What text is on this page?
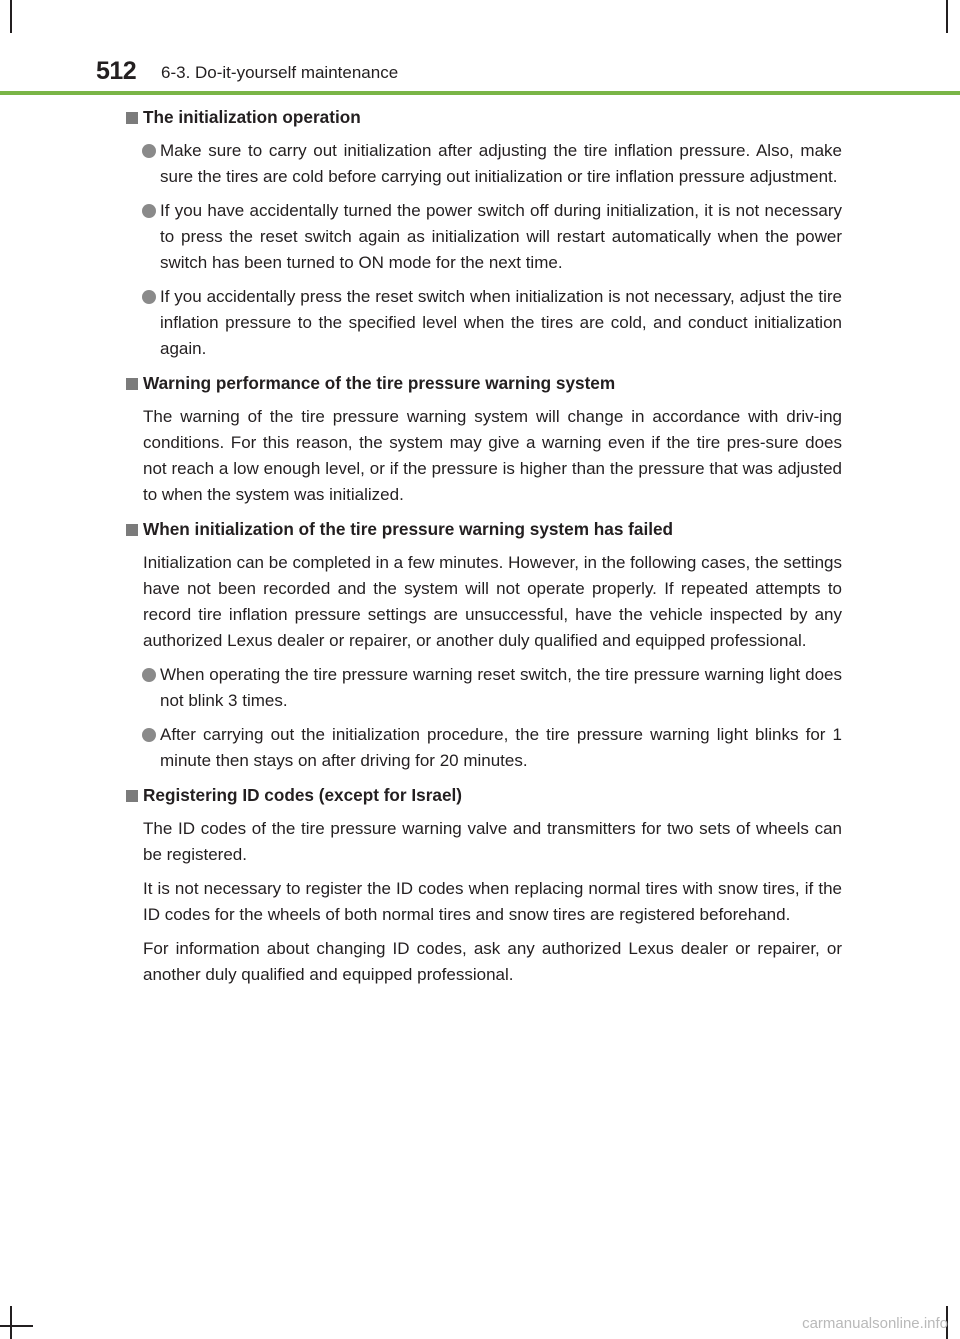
512 6-3. Do-it-yourself maintenance
The initialization operation
Make sure to carry out initialization after adjusting the tire inflation pressure. Also, make sure the tires are cold before carrying out initialization or tire inflation pressure adjustment.
If you have accidentally turned the power switch off during initialization, it is not necessary to press the reset switch again as initialization will restart automatically when the power switch has been turned to ON mode for the next time.
If you accidentally press the reset switch when initialization is not necessary, adjust the tire inflation pressure to the specified level when the tires are cold, and conduct initialization again.
Warning performance of the tire pressure warning system
The warning of the tire pressure warning system will change in accordance with driv-ing conditions. For this reason, the system may give a warning even if the tire pres-sure does not reach a low enough level, or if the pressure is higher than the pressure that was adjusted to when the system was initialized.
When initialization of the tire pressure warning system has failed
Initialization can be completed in a few minutes. However, in the following cases, the settings have not been recorded and the system will not operate properly. If repeated attempts to record tire inflation pressure settings are unsuccessful, have the vehicle inspected by any authorized Lexus dealer or repairer, or another duly qualified and equipped professional.
When operating the tire pressure warning reset switch, the tire pressure warning light does not blink 3 times.
After carrying out the initialization procedure, the tire pressure warning light blinks for 1 minute then stays on after driving for 20 minutes.
Registering ID codes (except for Israel)
The ID codes of the tire pressure warning valve and transmitters for two sets of wheels can be registered.
It is not necessary to register the ID codes when replacing normal tires with snow tires, if the ID codes for the wheels of both normal tires and snow tires are registered beforehand.
For information about changing ID codes, ask any authorized Lexus dealer or repairer, or another duly qualified and equipped professional.
carmanualsonline.info
